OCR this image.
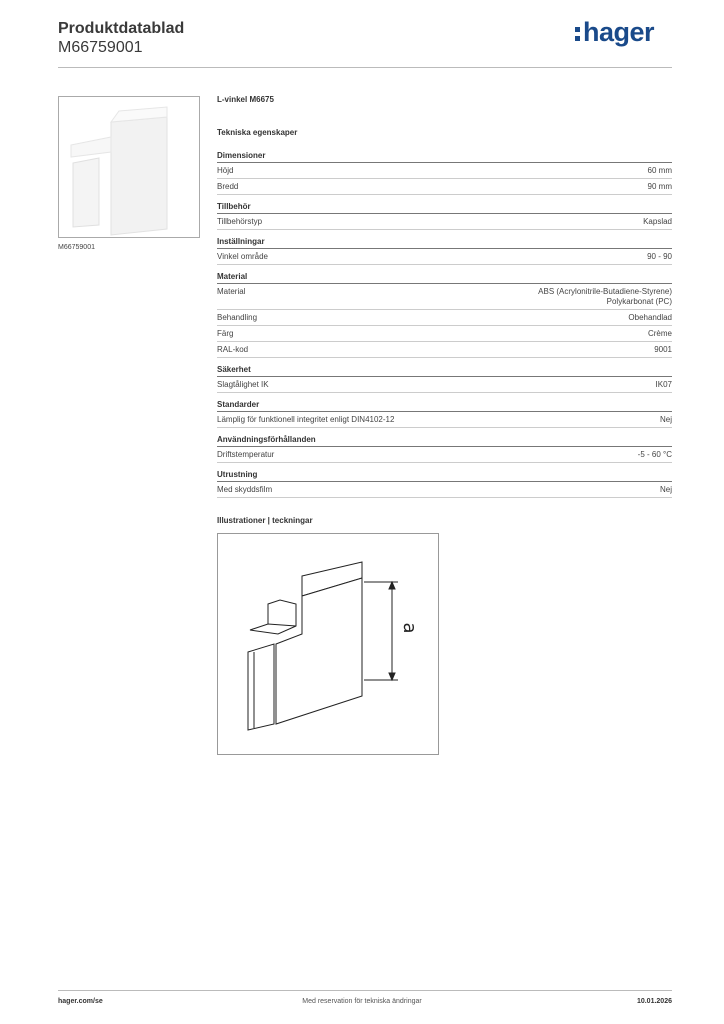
Produktdatablad
M66759001
hager
M66759001
L-vinkel M6675
Tekniska egenskaper
Dimensioner
Höjd	60 mm
Bredd	90 mm
Tillbehör
Tillbehörstyp	Kapslad
Inställningar
Vinkel område	90 - 90
Material
Material	ABS (Acrylonitrile-Butadiene-Styrene)
Polykarbonat (PC)
Behandling	Obehandlad
Färg	Crème
RAL-kod	9001
Säkerhet
Slagtålighet IK	IK07
Standarder
Lämplig för funktionell integritet enligt DIN4102-12	Nej
Användningsförhållanden
Driftstemperatur	-5 - 60 °C
Utrustning
Med skyddsfilm	Nej
Illustrationer | teckningar
a
hager.com/se	Med reservation för tekniska ändringar	10.01.2026
